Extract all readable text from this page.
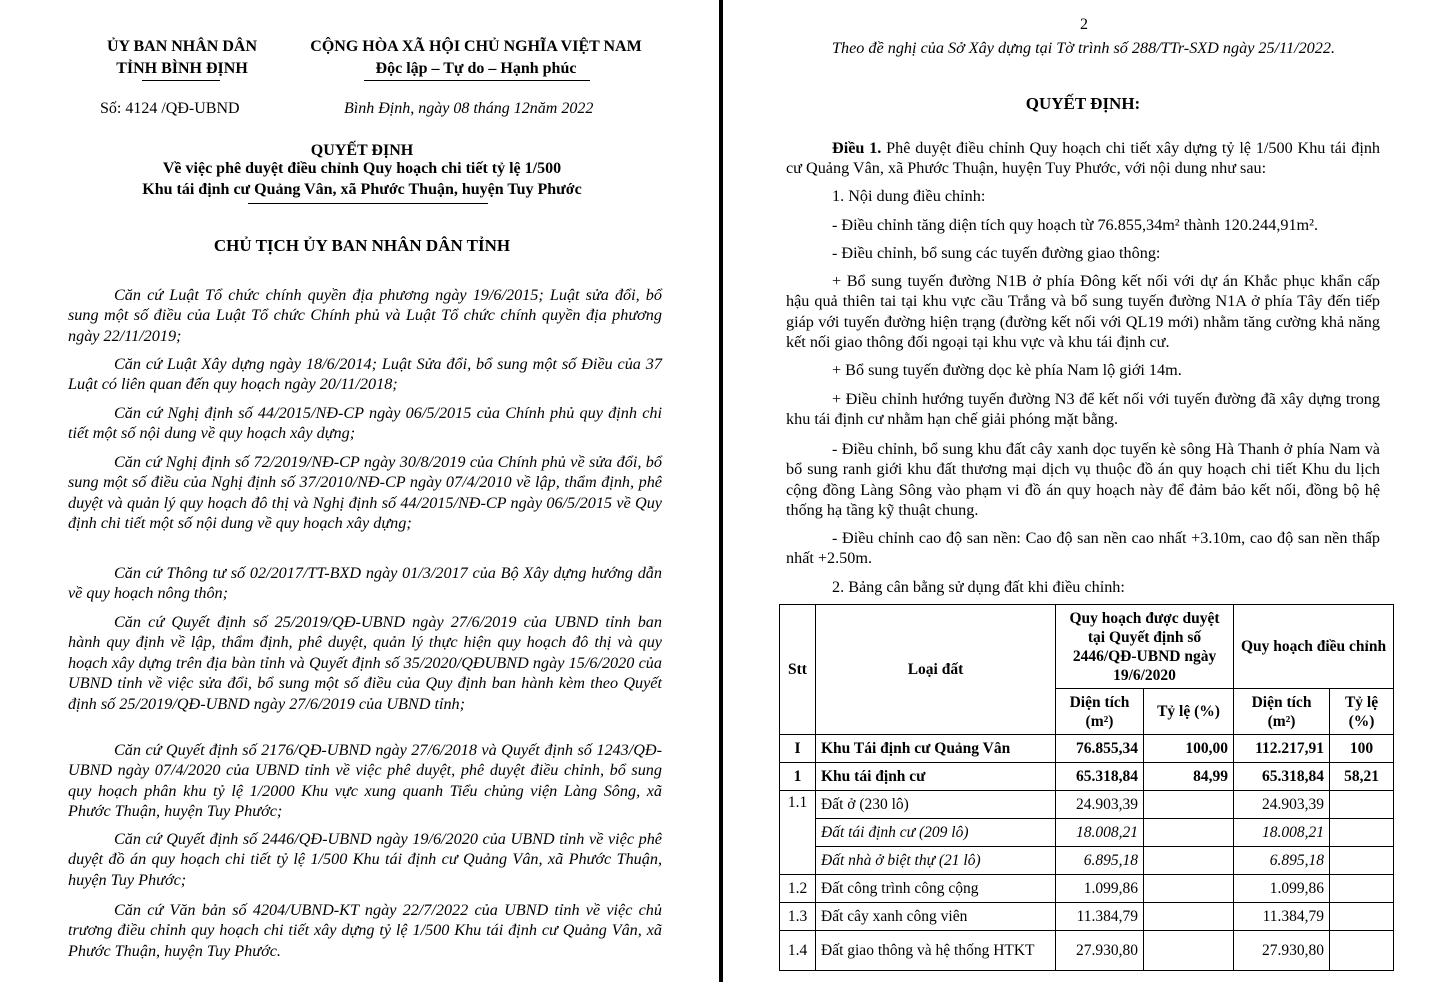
ỦY BAN NHÂN DÂN
TỈNH BÌNH ĐỊNH
CỘNG HÒA XÃ HỘI CHỦ NGHĨA VIỆT NAM
Độc lập – Tự do – Hạnh phúc
Số: 4124 /QĐ-UBND	Bình Định, ngày 08 tháng 12năm 2022
QUYẾT ĐỊNH
Về việc phê duyệt điều chỉnh Quy hoạch chi tiết tỷ lệ 1/500
Khu tái định cư Quảng Vân, xã Phước Thuận, huyện Tuy Phước
CHỦ TỊCH ỦY BAN NHÂN DÂN TỈNH
Căn cứ Luật Tổ chức chính quyền địa phương ngày 19/6/2015; Luật sửa đổi, bổ sung một số điều của Luật Tổ chức Chính phủ và Luật Tổ chức chính quyền địa phương ngày 22/11/2019;
Căn cứ Luật Xây dựng ngày 18/6/2014; Luật Sửa đổi, bổ sung một số Điều của 37 Luật có liên quan đến quy hoạch ngày 20/11/2018;
Căn cứ Nghị định số 44/2015/NĐ-CP ngày 06/5/2015 của Chính phủ quy định chi tiết một số nội dung về quy hoạch xây dựng;
Căn cứ Nghị định số 72/2019/NĐ-CP ngày 30/8/2019 của Chính phủ về sửa đổi, bổ sung một số điều của Nghị định số 37/2010/NĐ-CP ngày 07/4/2010 về lập, thẩm định, phê duyệt và quản lý quy hoạch đô thị và Nghị định số 44/2015/NĐ-CP ngày 06/5/2015 về Quy định chi tiết một số nội dung về quy hoạch xây dựng;
Căn cứ Thông tư số 02/2017/TT-BXD ngày 01/3/2017 của Bộ Xây dựng hướng dẫn về quy hoạch nông thôn;
Căn cứ Quyết định số 25/2019/QĐ-UBND ngày 27/6/2019 của UBND tỉnh ban hành quy định về lập, thẩm định, phê duyệt, quản lý thực hiện quy hoạch đô thị và quy hoạch xây dựng trên địa bàn tỉnh và Quyết định số 35/2020/QĐUBND ngày 15/6/2020 của UBND tỉnh về việc sửa đổi, bổ sung một số điều của Quy định ban hành kèm theo Quyết định số 25/2019/QĐ-UBND ngày 27/6/2019 của UBND tỉnh;
Căn cứ Quyết định số 2176/QĐ-UBND ngày 27/6/2018 và Quyết định số 1243/QĐ-UBND ngày 07/4/2020 của UBND tỉnh về việc phê duyệt, phê duyệt điều chỉnh, bổ sung quy hoạch phân khu tỷ lệ 1/2000 Khu vực xung quanh Tiểu chủng viện Làng Sông, xã Phước Thuận, huyện Tuy Phước;
Căn cứ Quyết định số 2446/QĐ-UBND ngày 19/6/2020 của UBND tỉnh về việc phê duyệt đồ án quy hoạch chi tiết tỷ lệ 1/500 Khu tái định cư Quảng Vân, xã Phước Thuận, huyện Tuy Phước;
Căn cứ Văn bản số 4204/UBND-KT ngày 22/7/2022 của UBND tỉnh về việc chủ trương điều chỉnh quy hoạch chi tiết xây dựng tỷ lệ 1/500 Khu tái định cư Quảng Vân, xã Phước Thuận, huyện Tuy Phước.
2
Theo đề nghị của Sở Xây dựng tại Tờ trình số 288/TTr-SXD ngày 25/11/2022.
QUYẾT ĐỊNH:
Điều 1. Phê duyệt điều chỉnh Quy hoạch chi tiết xây dựng tỷ lệ 1/500 Khu tái định cư Quảng Vân, xã Phước Thuận, huyện Tuy Phước, với nội dung như sau:
1. Nội dung điều chỉnh:
- Điều chỉnh tăng diện tích quy hoạch từ 76.855,34m² thành 120.244,91m².
- Điều chỉnh, bổ sung các tuyến đường giao thông:
+ Bổ sung tuyến đường N1B ở phía Đông kết nối với dự án Khắc phục khẩn cấp hậu quả thiên tai tại khu vực cầu Trắng và bổ sung tuyến đường N1A ở phía Tây đến tiếp giáp với tuyến đường hiện trạng (đường kết nối với QL19 mới) nhằm tăng cường khả năng kết nối giao thông đối ngoại tại khu vực và khu tái định cư.
+ Bổ sung tuyến đường dọc kè phía Nam lộ giới 14m.
+ Điều chỉnh hướng tuyến đường N3 để kết nối với tuyến đường đã xây dựng trong khu tái định cư nhằm hạn chế giải phóng mặt bằng.
- Điều chỉnh, bổ sung khu đất cây xanh dọc tuyến kè sông Hà Thanh ở phía Nam và bổ sung ranh giới khu đất thương mại dịch vụ thuộc đồ án quy hoạch chi tiết Khu du lịch cộng đồng Làng Sông vào phạm vi đồ án quy hoạch này để đảm bảo kết nối, đồng bộ hệ thống hạ tầng kỹ thuật chung.
- Điều chỉnh cao độ san nền: Cao độ san nền cao nhất +3.10m, cao độ san nền thấp nhất +2.50m.
2. Bảng cân bằng sử dụng đất khi điều chỉnh:
Stt	Loại đất	Quy hoạch được duyệt tại Quyết định số 2446/QĐ-UBND ngày 19/6/2020		Quy hoạch điều chỉnh	
		Diện tích (m²)	Tỷ lệ (%)	Diện tích (m²)	Tỷ lệ (%)
I	Khu Tái định cư Quảng Vân	76.855,34	100,00	112.217,91	100
1	Khu tái định cư	65.318,84	84,99	65.318,84	58,21
1.1	Đất ở (230 lô)	24.903,39		24.903,39	
	Đất tái định cư (209 lô)	18.008,21		18.008,21	
	Đất nhà ở biệt thự (21 lô)	6.895,18		6.895,18	
1.2	Đất công trình công cộng	1.099,86		1.099,86	
1.3	Đất cây xanh công viên	11.384,79		11.384,79	
1.4	Đất giao thông và hệ thống HTKT	27.930,80		27.930,80	
